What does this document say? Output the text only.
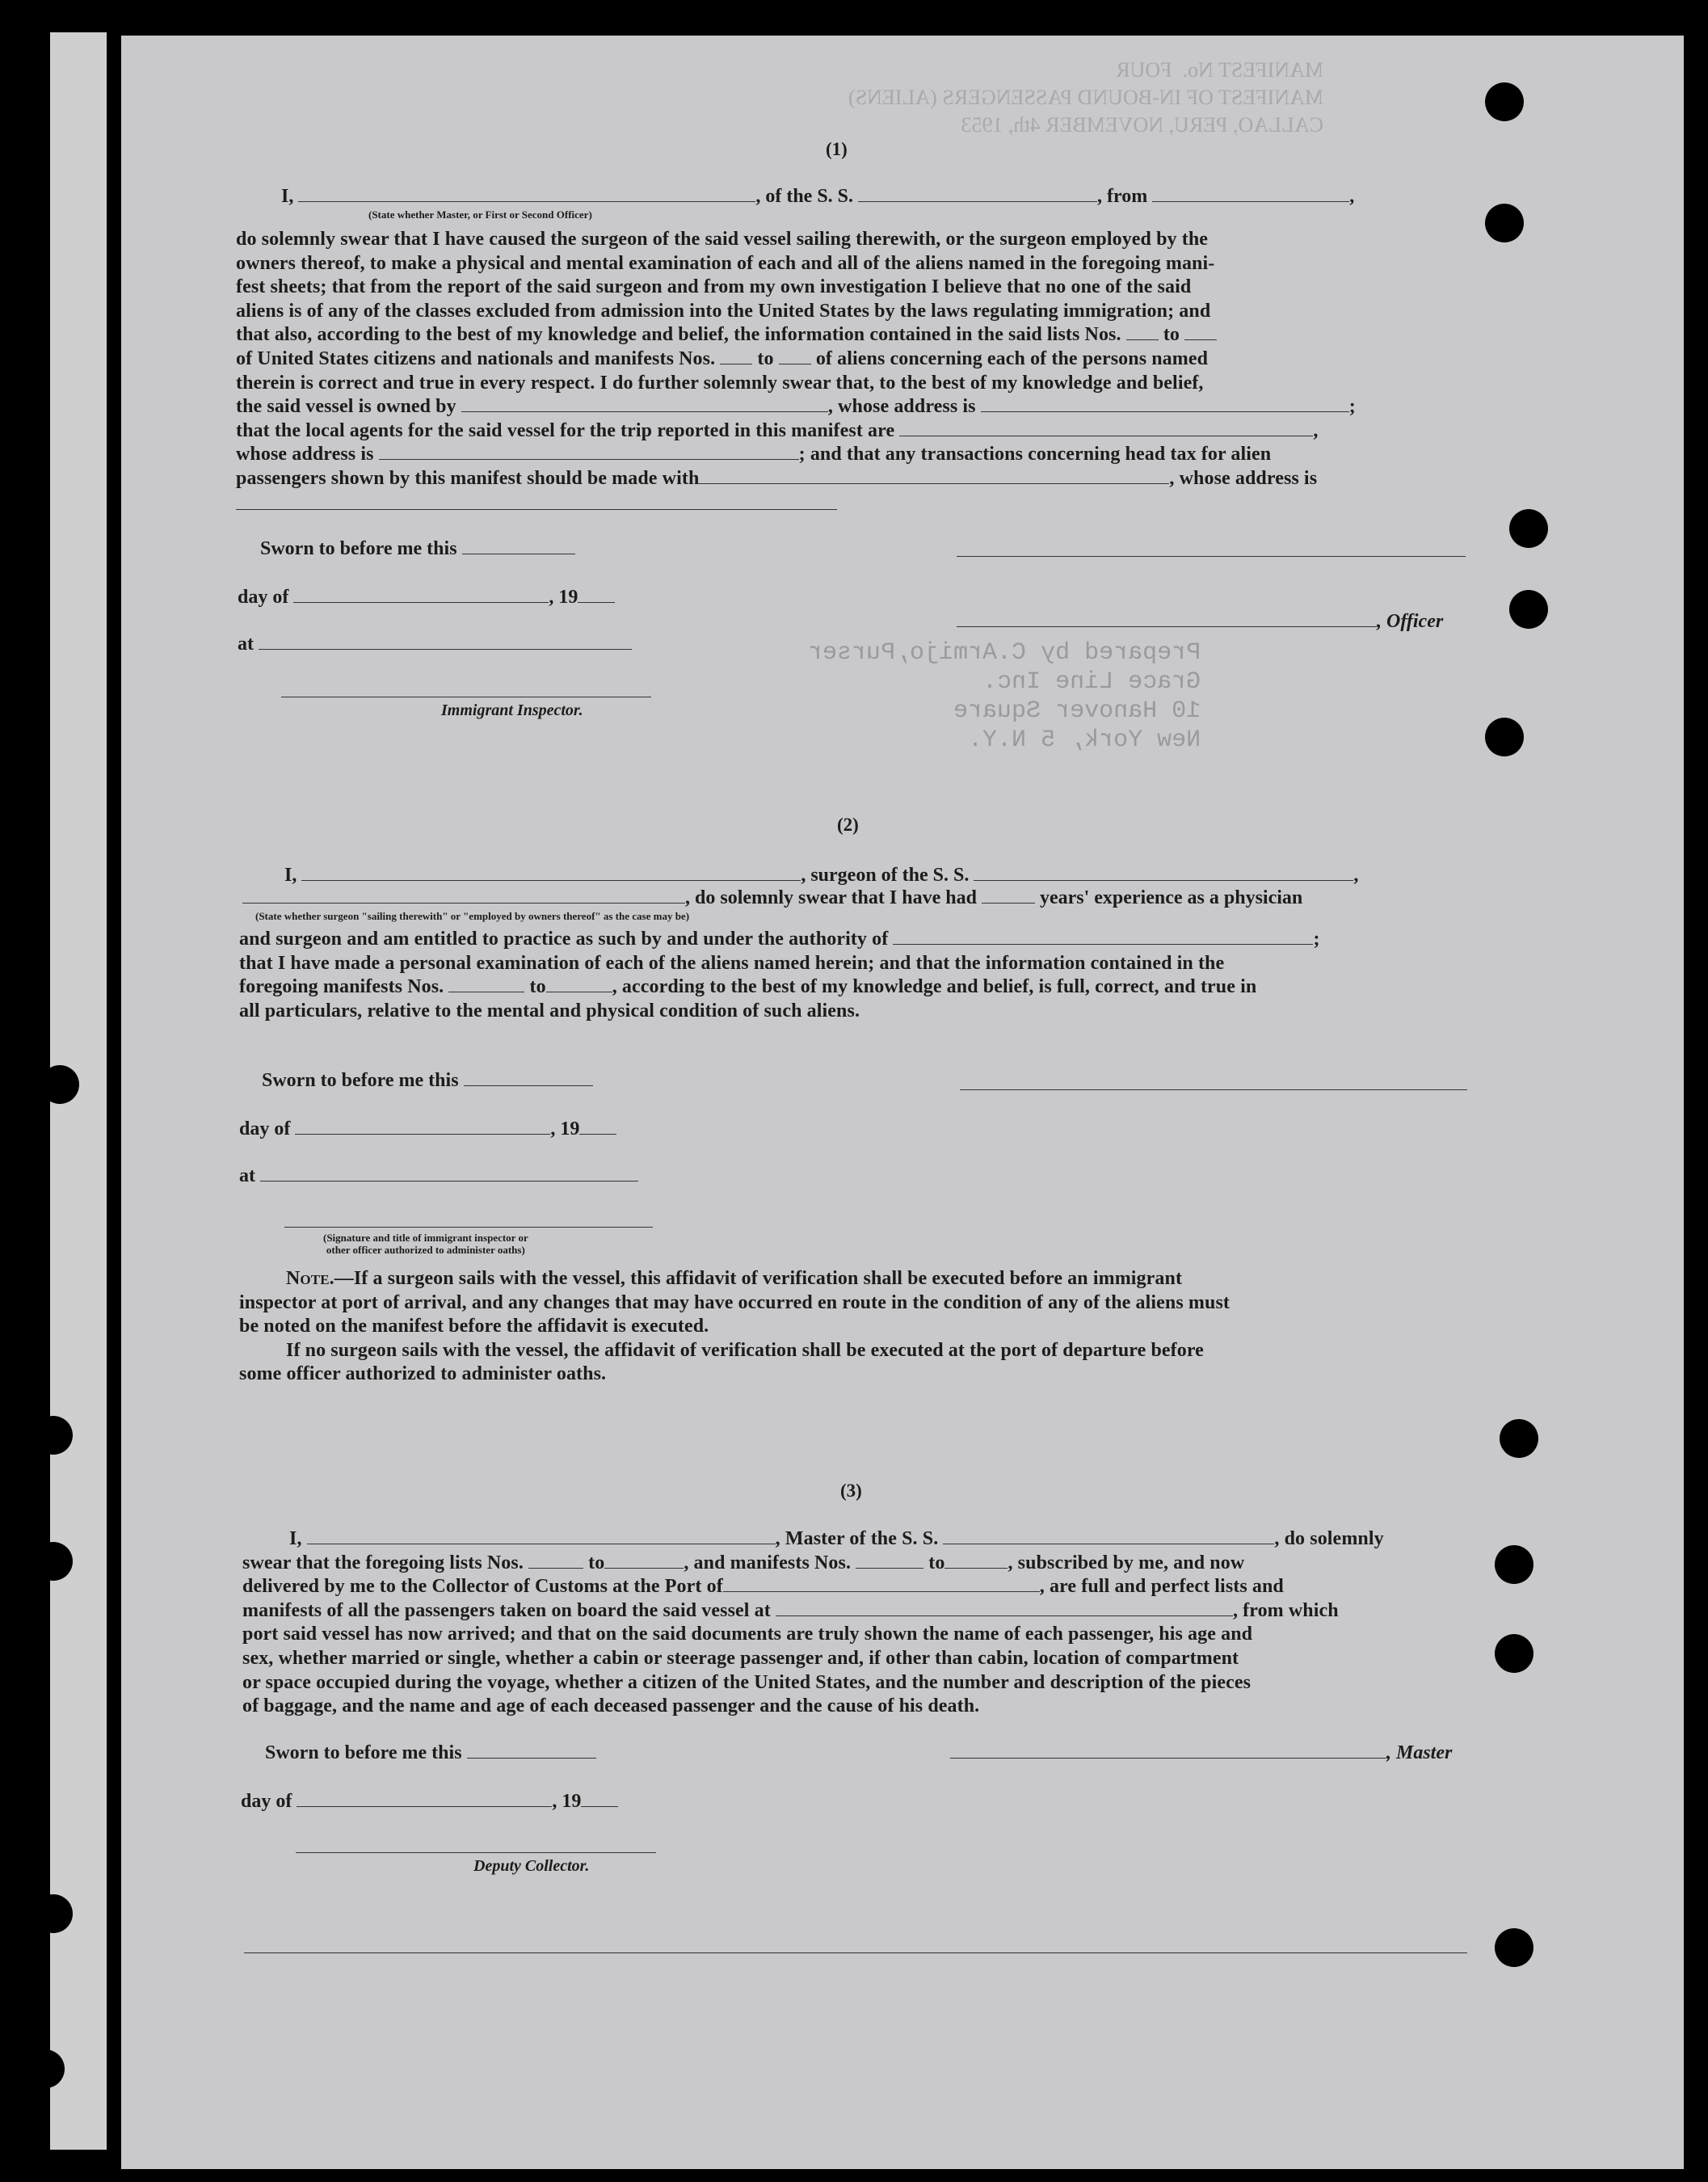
MANIFEST No.  FOUR
MANIFEST OF IN-BOUND PASSENGERS (ALIENS)
CALLAO, PERU, NOVEMBER 4th, 1953
Prepared by C.Armijo,Purser
Grace Line Inc.
10 Hanover Square
New York, 5 N.Y.
(1)
I,	, of the S. S.	, from	,
(State whether Master, or First or Second Officer)
do solemnly swear that I have caused the surgeon of the said vessel sailing therewith, or the surgeon employed by the
owners thereof, to make a physical and mental examination of each and all of the aliens named in the foregoing mani-
fest sheets; that from the report of the said surgeon and from my own investigation I believe that no one of the said
aliens is of any of the classes excluded from admission into the United States by the laws regulating immigration; and
that also, according to the best of my knowledge and belief, the information contained in the said lists Nos. to
of United States citizens and nationals and manifests Nos. to of aliens concerning each of the persons named
therein is correct and true in every respect. I do further solemnly swear that, to the best of my knowledge and belief,
the said vessel is owned by	, whose address is	;
that the local agents for the said vessel for the trip reported in this manifest are	,
whose address is	; and that any transactions concerning head tax for alien
passengers shown by this manifest should be made with	, whose address is
Sworn to before me this
day of	, 19
at
Immigrant Inspector.
, Officer
(2)
I,	, surgeon of the S. S.	,
, do solemnly swear that I have had	years' experience as a physician
(State whether surgeon "sailing therewith" or "employed by owners thereof" as the case may be)
and surgeon and am entitled to practice as such by and under the authority of	;
that I have made a personal examination of each of the aliens named herein; and that the information contained in the
foregoing manifests Nos.	to	, according to the best of my knowledge and belief, is full, correct, and true in
all particulars, relative to the mental and physical condition of such aliens.
Sworn to before me this
day of	, 19
at
(Signature and title of immigrant inspector or
other officer authorized to administer oaths)
Note.—If a surgeon sails with the vessel, this affidavit of verification shall be executed before an immigrant
inspector at port of arrival, and any changes that may have occurred en route in the condition of any of the aliens must
be noted on the manifest before the affidavit is executed.
If no surgeon sails with the vessel, the affidavit of verification shall be executed at the port of departure before
some officer authorized to administer oaths.
(3)
I,	, Master of the S. S.	, do solemnly
swear that the foregoing lists Nos.	to	, and manifests Nos.	to	, subscribed by me, and now
delivered by me to the Collector of Customs at the Port of	, are full and perfect lists and
manifests of all the passengers taken on board the said vessel at	, from which
port said vessel has now arrived; and that on the said documents are truly shown the name of each passenger, his age and
sex, whether married or single, whether a cabin or steerage passenger and, if other than cabin, location of compartment
or space occupied during the voyage, whether a citizen of the United States, and the number and description of the pieces
of baggage, and the name and age of each deceased passenger and the cause of his death.
Sworn to before me this	, Master
day of	, 19
Deputy Collector.
